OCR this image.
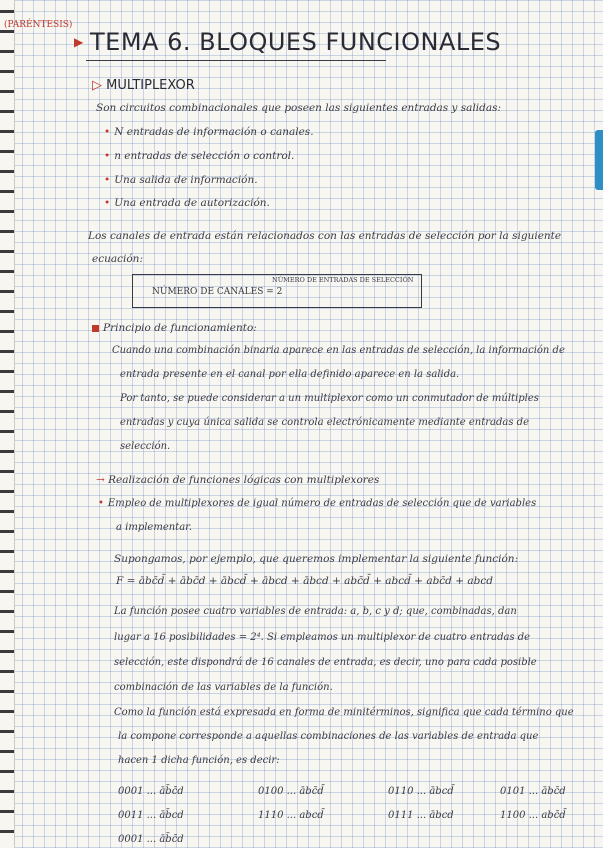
(PARÉNTESIS)
▶ TEMA 6. BLOQUES FUNCIONALES
▷ MULTIPLEXOR
Son circuitos combinacionales que poseen las siguientes entradas y salidas:
• N entradas de información o canales.
• n entradas de selección o control.
• Una salida de información.
• Una entrada de autorización.
Los canales de entrada están relacionados con las entradas de selección por la siguiente
ecuación:
NÚMERO DE CANALES = 2
NÚMERO DE ENTRADAS DE SELECCIÓN
Principio de funcionamiento:
Cuando una combinación binaria aparece en las entradas de selección, la información de
entrada presente en el canal por ella definido aparece en la salida.
Por tanto, se puede considerar a un multiplexor como un conmutador de múltiples
entradas y cuya única salida se controla electrónicamente mediante entradas de
selección.
→ Realización de funciones lógicas con multiplexores
• Empleo de multiplexores de igual número de entradas de selección que de variables
a implementar.
Supongamos, por ejemplo, que queremos implementar la siguiente función:
F = ābc̄d̄ + ābc̄d + ābcd̄ + ābcd + ābcd + abc̄d̄ + abcd̄ + abc̄d + abcd
La función posee cuatro variables de entrada: a, b, c y d; que, combinadas, dan
lugar a 16 posibilidades = 2⁴. Si empleamos un multiplexor de cuatro entradas de
selección, este dispondrá de 16 canales de entrada, es decir, uno para cada posible
combinación de las variables de la función.
Como la función está expresada en forma de minitérminos, significa que cada término que
la compone corresponde a aquellas combinaciones de las variables de entrada que
hacen 1 dicha función, es decir:
0001 ... āb̄c̄d	0100 ... ābc̄d̄	0110 ... ābcd̄	0101 ... ābc̄d
0011 ... āb̄cd	1110 ... abcd̄	0111 ... ābcd	1100 ... abc̄d̄
0001 ... āb̄c̄d
